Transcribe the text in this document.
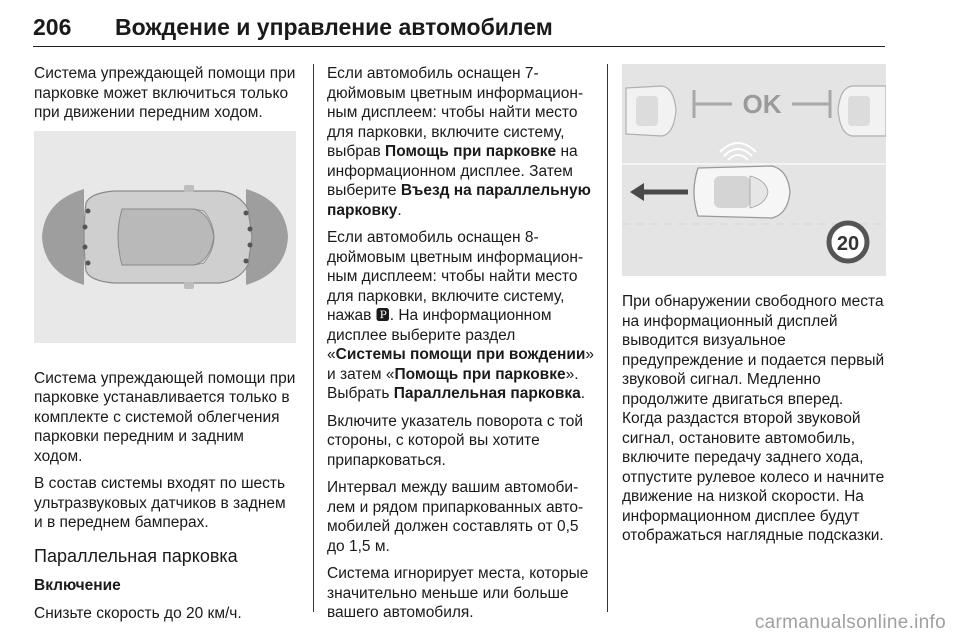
206 Вождение и управление автомобилем

Система упреждающей помощи при парковке может включиться только при движении передним ходом.

Система упреждающей помощи при парковке устанавливается только в комплекте с системой облегчения парковки передним и задним ходом.

В состав системы входят по шесть ультразвуковых датчиков в заднем и в переднем бамперах.

Параллельная парковка

Включение

Снизьте скорость до 20 км/ч.

Если автомобиль оснащен 7-дюймовым цветным информационным дисплеем: чтобы найти место для парковки, включите систему, выбрав Помощь при парковке на информационном дисплее. Затем выберите Въезд на параллельную парковку.

Если автомобиль оснащен 8-дюймовым цветным информационным дисплеем: чтобы найти место для парковки, включите систему, нажав 🅿. На информационном дисплее выберите раздел «Системы помощи при вождении» и затем «Помощь при парковке». Выбрать Параллельная парковка.

Включите указатель поворота с той стороны, с которой вы хотите припарковаться.

Интервал между вашим автомобилем и рядом припаркованных автомобилей должен составлять от 0,5 до 1,5 м.

Система игнорирует места, которые значительно меньше или больше вашего автомобиля.

OK
20

При обнаружении свободного места на информационный дисплей выводится визуальное предупреждение и подается первый звуковой сигнал. Медленно продолжите двигаться вперед. Когда раздастся второй звуковой сигнал, остановите автомобиль, включите передачу заднего хода, отпустите рулевое колесо и начните движение на низкой скорости. На информационном дисплее будут отображаться наглядные подсказки.

carmanualsonline.info
